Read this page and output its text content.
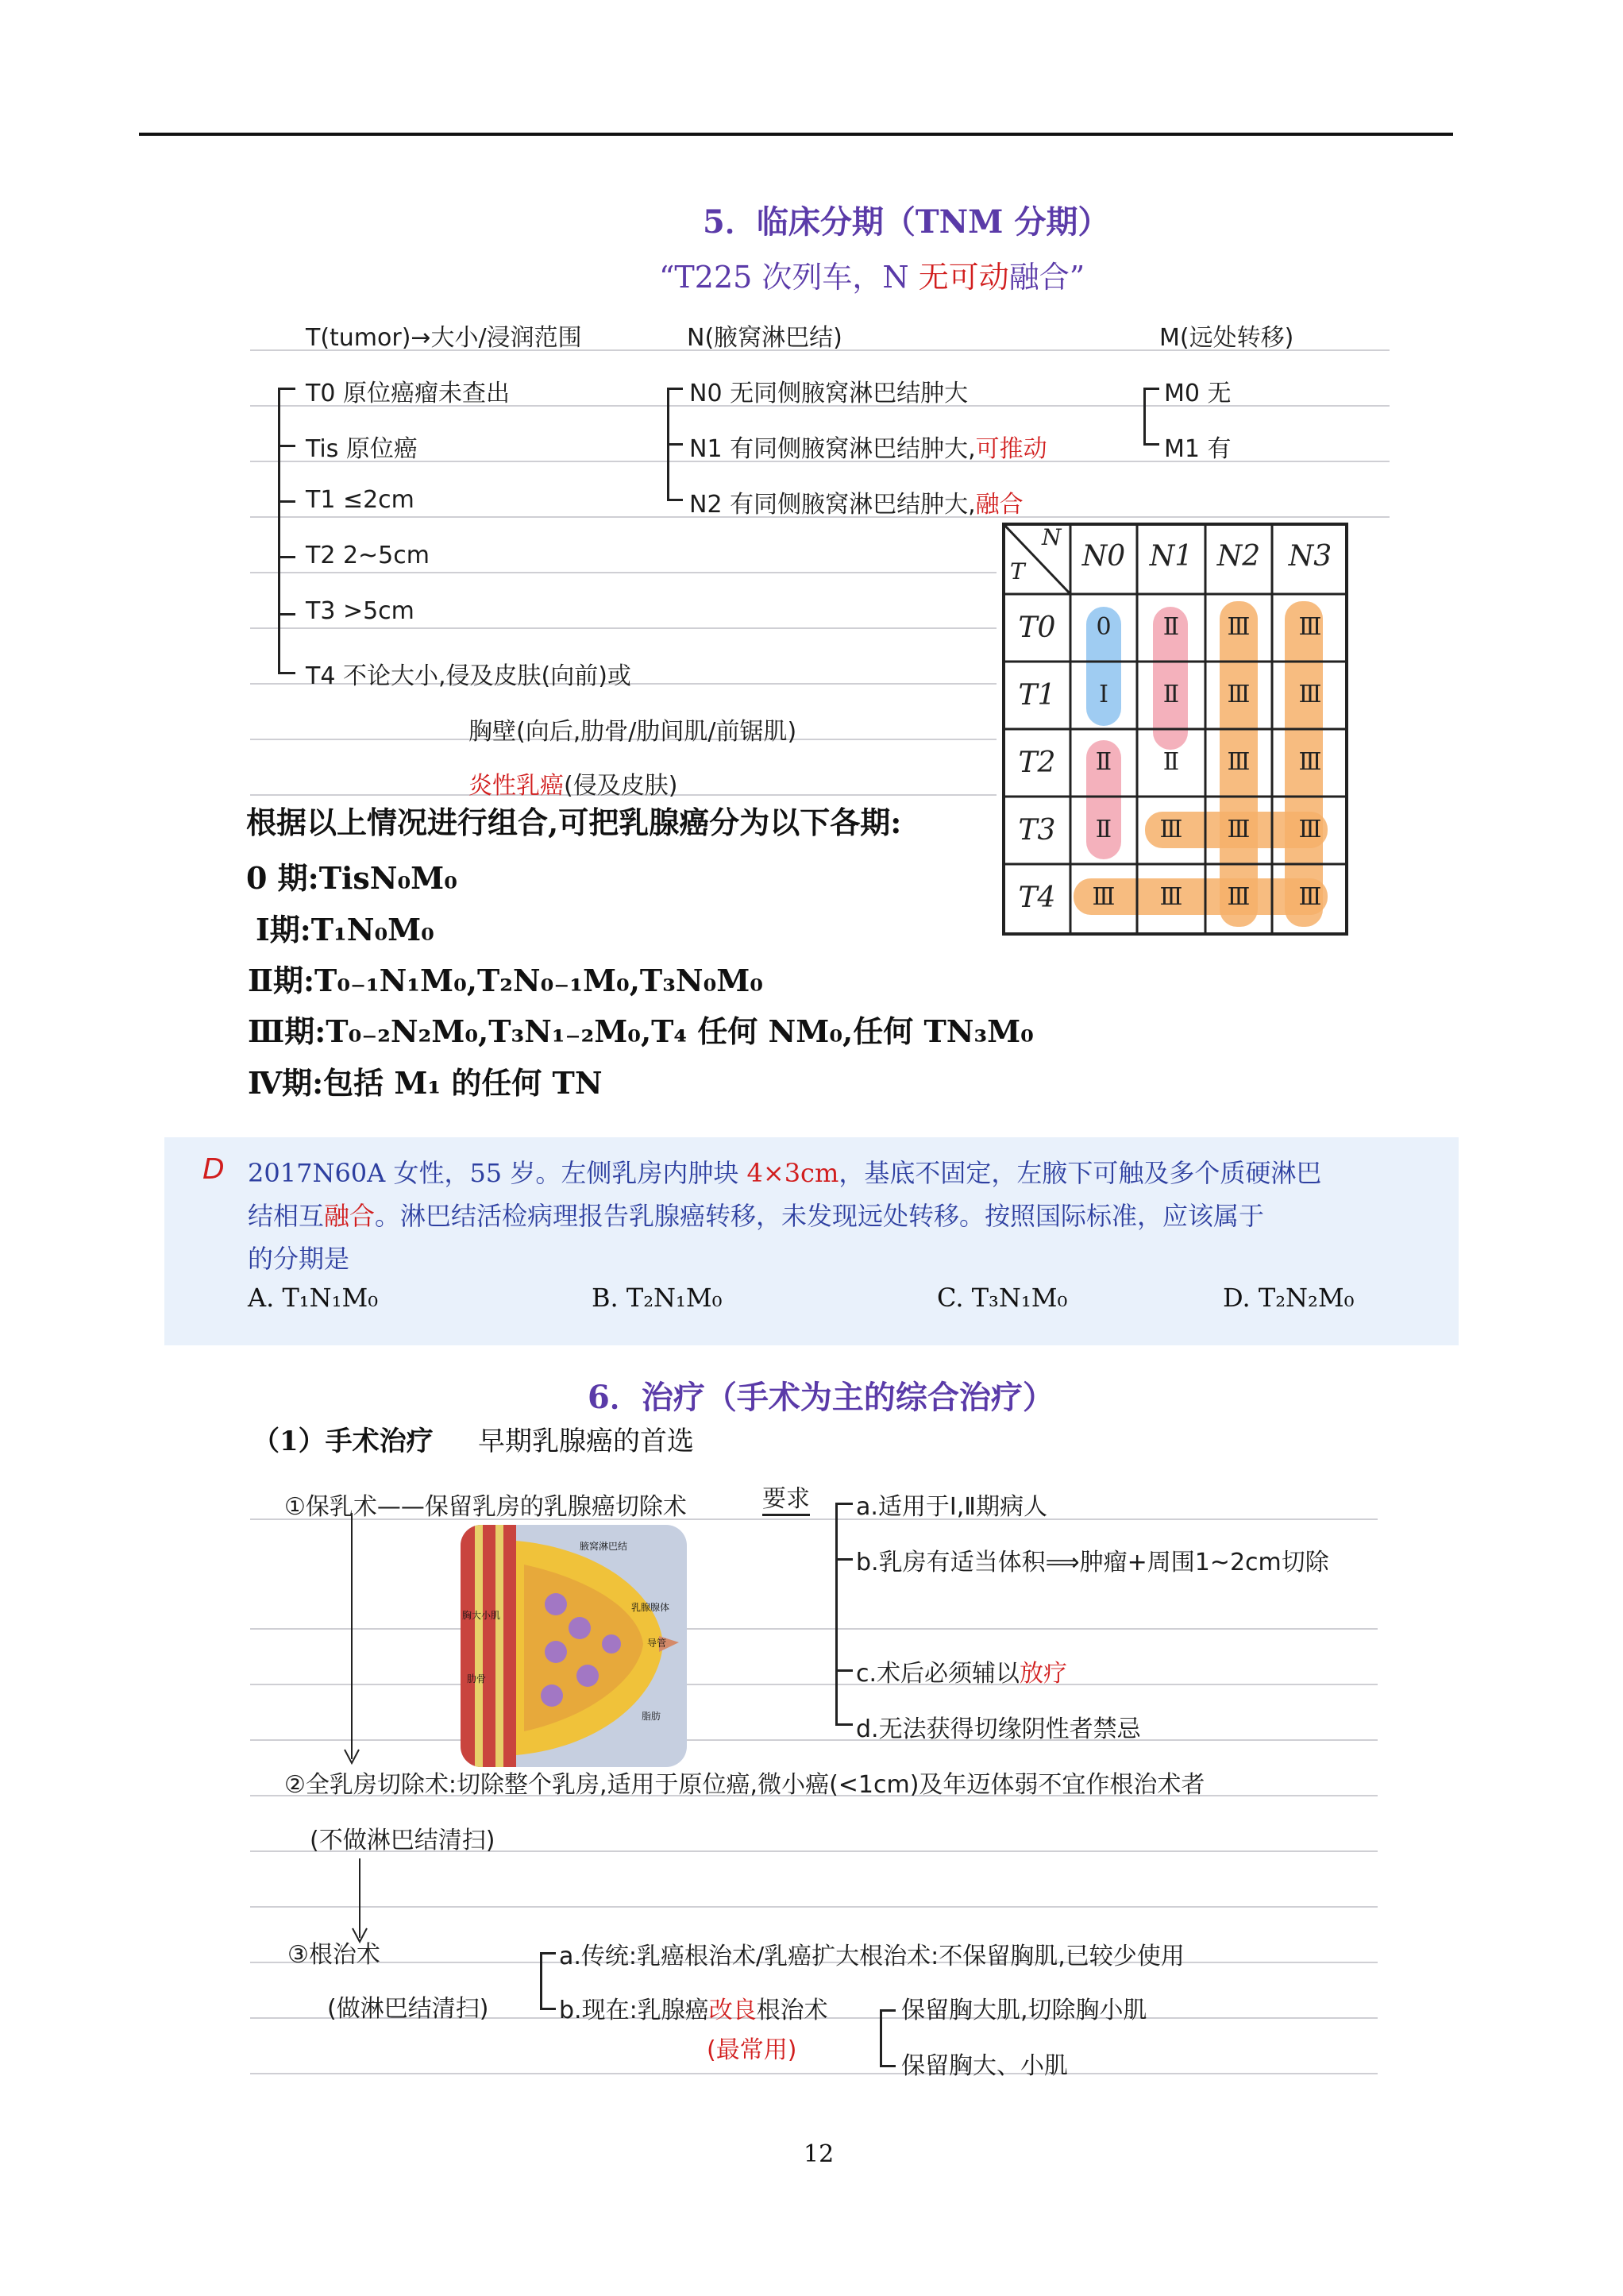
5．临床分期（TNM 分期）
“T225 次列车，N 无可动融合”
T(tumor)→大小/浸润范围	N(腋窝淋巴结)	M(远处转移)
T0 原位癌瘤未查出
Tis 原位癌
T1 ≤2cm
T2 2~5cm
T3 >5cm
T4 不论大小,侵及皮肤(向前)或
胸壁(向后,肋骨/肋间肌/前锯肌)
炎性乳癌(侵及皮肤)
N0 无同侧腋窝淋巴结肿大
N1 有同侧腋窝淋巴结肿大,可推动
N2 有同侧腋窝淋巴结肿大,融合
M0 无
M1 有
N
T	N0 N1 N2 N3
T0	0	Ⅱ	Ⅲ	Ⅲ
T1	Ⅰ	Ⅱ	Ⅲ	Ⅲ
T2	Ⅱ	Ⅱ	Ⅲ	Ⅲ
T3	Ⅱ	Ⅲ	Ⅲ	Ⅲ
T4	Ⅲ	Ⅲ	Ⅲ	Ⅲ
根据以上情况进行组合,可把乳腺癌分为以下各期:
0 期:TisN₀M₀
Ⅰ期:T₁N₀M₀
Ⅱ期:T₀₋₁N₁M₀,T₂N₀₋₁M₀,T₃N₀M₀
Ⅲ期:T₀₋₂N₂M₀,T₃N₁₋₂M₀,T₄ 任何 NM₀,任何 TN₃M₀
Ⅳ期:包括 M₁ 的任何 TN
D 2017N60A 女性，55 岁。左侧乳房内肿块 4×3cm，基底不固定，左腋下可触及多个质硬淋巴
结相互融合。淋巴结活检病理报告乳腺癌转移，未发现远处转移。按照国际标准，应该属于
的分期是
A. T₁N₁M₀	B. T₂N₁M₀	C. T₃N₁M₀	D. T₂N₂M₀
6．治疗（手术为主的综合治疗）
（1）手术治疗 早期乳腺癌的首选
①保乳术——保留乳房的乳腺癌切除术	要求 a.适用于Ⅰ,Ⅱ期病人
b.乳房有适当体积⟹肿瘤+周围1~2cm切除
c.术后必须辅以放疗
d.无法获得切缘阴性者禁忌
腋窝淋巴结
乳腺腺体
胸大小肌
导管
肋骨
脂肪
②全乳房切除术:切除整个乳房,适用于原位癌,微小癌(<1cm)及年迈体弱不宜作根治术者
(不做淋巴结清扫)
③根治术
(做淋巴结清扫)
a.传统:乳癌根治术/乳癌扩大根治术:不保留胸肌,已较少使用
b.现在:乳腺癌改良根治术
(最常用)
保留胸大肌,切除胸小肌
保留胸大、小肌
12
